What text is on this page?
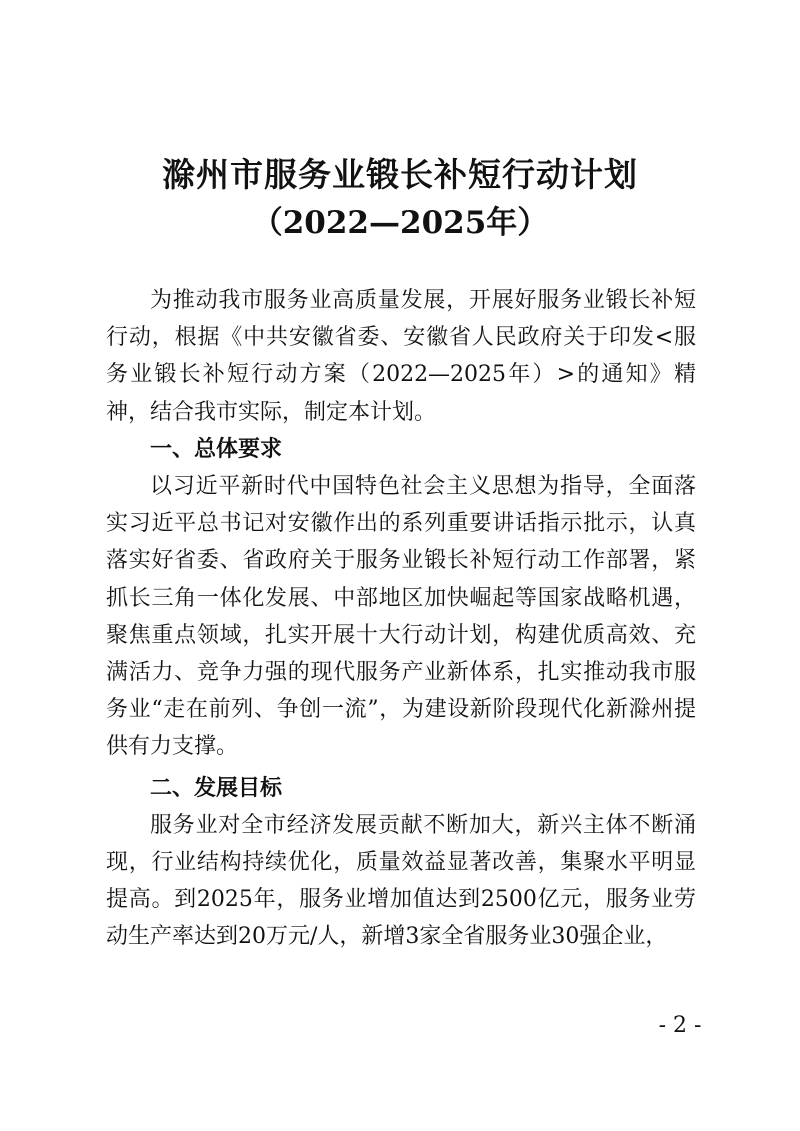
滁州市服务业锻长补短行动计划
（2022—2025年）

为推动我市服务业高质量发展，开展好服务业锻长补短行动，根据《中共安徽省委、安徽省人民政府关于印发<服务业锻长补短行动方案（2022—2025年）>的通知》精神，结合我市实际，制定本计划。

一、总体要求

以习近平新时代中国特色社会主义思想为指导，全面落实习近平总书记对安徽作出的系列重要讲话指示批示，认真落实好省委、省政府关于服务业锻长补短行动工作部署，紧抓长三角一体化发展、中部地区加快崛起等国家战略机遇，聚焦重点领域，扎实开展十大行动计划，构建优质高效、充满活力、竞争力强的现代服务产业新体系，扎实推动我市服务业“走在前列、争创一流”，为建设新阶段现代化新滁州提供有力支撑。

二、发展目标

服务业对全市经济发展贡献不断加大，新兴主体不断涌现，行业结构持续优化，质量效益显著改善，集聚水平明显提高。到2025年，服务业增加值达到2500亿元，服务业劳动生产率达到20万元/人，新增3家全省服务业30强企业，

- 2 -
